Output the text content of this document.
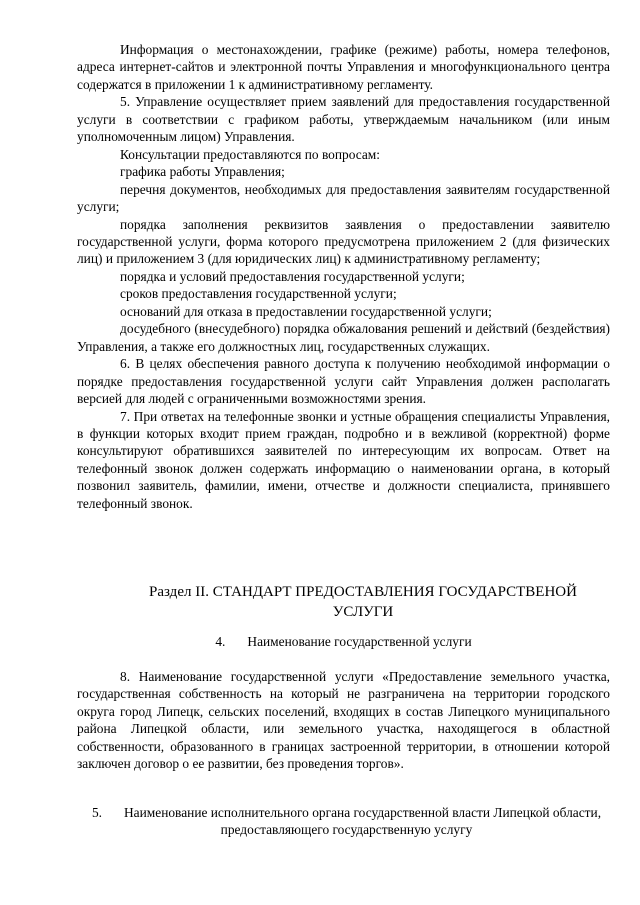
Информация о местонахождении, графике (режиме) работы, номера телефонов, адреса интернет-сайтов и электронной почты Управления и многофункционального центра содержатся в приложении 1 к административному регламенту.

5. Управление осуществляет прием заявлений для предоставления государственной услуги в соответствии с графиком работы, утверждаемым начальником (или иным уполномоченным лицом) Управления.

Консультации предоставляются по вопросам:

графика работы Управления;

перечня документов, необходимых для предоставления заявителям государственной услуги;

порядка заполнения реквизитов заявления о предоставлении заявителю государственной услуги, форма которого предусмотрена приложением 2 (для физических лиц) и приложением 3 (для юридических лиц) к административному регламенту;

порядка и условий предоставления государственной услуги;

сроков предоставления государственной услуги;

оснований для отказа в предоставлении государственной услуги;

досудебного (внесудебного) порядка обжалования решений и действий (бездействия) Управления, а также его должностных лиц, государственных служащих.

6. В целях обеспечения равного доступа к получению необходимой информации о порядке предоставления государственной услуги сайт Управления должен располагать версией для людей с ограниченными возможностями зрения.

7. При ответах на телефонные звонки и устные обращения специалисты Управления, в функции которых входит прием граждан, подробно и в вежливой (корректной) форме консультируют обратившихся заявителей по интересующим их вопросам. Ответ на телефонный звонок должен содержать информацию о наименовании органа, в который позвонил заявитель, фамилии, имени, отчестве и должности специалиста, принявшего телефонный звонок.

Раздел II. СТАНДАРТ ПРЕДОСТАВЛЕНИЯ ГОСУДАРСТВЕНОЙ УСЛУГИ
4. Наименование государственной услуги

8. Наименование государственной услуги «Предоставление земельного участка, государственная собственность на который не разграничена на территории городского округа город Липецк, сельских поселений, входящих в состав Липецкого муниципального района Липецкой области, или земельного участка, находящегося в областной собственности, образованного в границах застроенной территории, в отношении которой заключен договор о ее развитии, без проведения торгов».

5. Наименование исполнительного органа государственной власти Липецкой области, предоставляющего государственную услугу
